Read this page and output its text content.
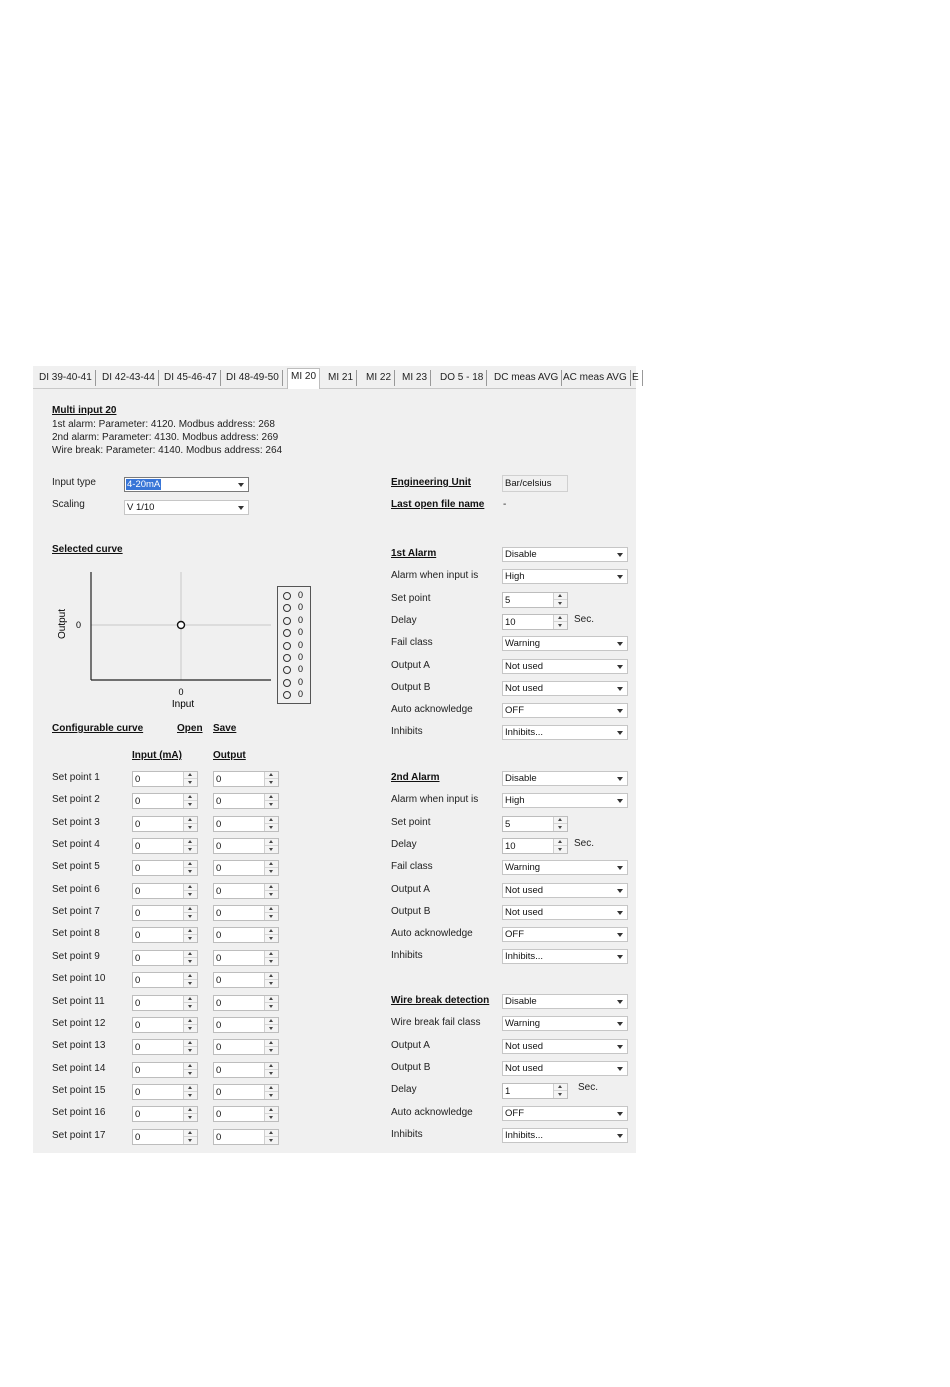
DI 39-40-41	DI 42-43-44 DI 45-46-47 DI 48-49-50	MI 20	MI 21	MI 22	MI 23	DO 5 - 18	DC meas AVG AC meas AVG E
Multi input 20
1st alarm: Parameter: 4120. Modbus address: 268
2nd alarm: Parameter: 4130. Modbus address: 269
Wire break: Parameter: 4140. Modbus address: 264
Input type	4-20mA
Scaling	V 1/10
Engineering Unit	Bar/celsius
Last open file name -
Selected curve
0
0
Input
Output
0
0
0
0
0
0
0
0
0
Configurable curve	Open Save
Input (mA)	Output
Set point 1	0	0
Set point 2	0	0
Set point 3	0	0
Set point 4	0	0
Set point 5	0	0
Set point 6	0	0
Set point 7	0	0
Set point 8	0	0
Set point 9	0	0
Set point 10	0	0
Set point 11	0	0
Set point 12	0	0
Set point 13	0	0
Set point 14	0	0
Set point 15	0	0
Set point 16	0	0
Set point 17	0	0
1st Alarm	Disable
Alarm when input is	High
Set point	5
Delay	10	Sec.
Fail class	Warning
Output A	Not used
Output B	Not used
Auto acknowledge	OFF
Inhibits	Inhibits...
2nd Alarm	Disable
Alarm when input is	High
Set point	5
Delay	10	Sec.
Fail class	Warning
Output A	Not used
Output B	Not used
Auto acknowledge	OFF
Inhibits	Inhibits...
Wire break detection Disable
Wire break fail class	Warning
Output A	Not used
Output B	Not used
Delay	1	Sec.
Auto acknowledge	OFF
Inhibits	Inhibits...
